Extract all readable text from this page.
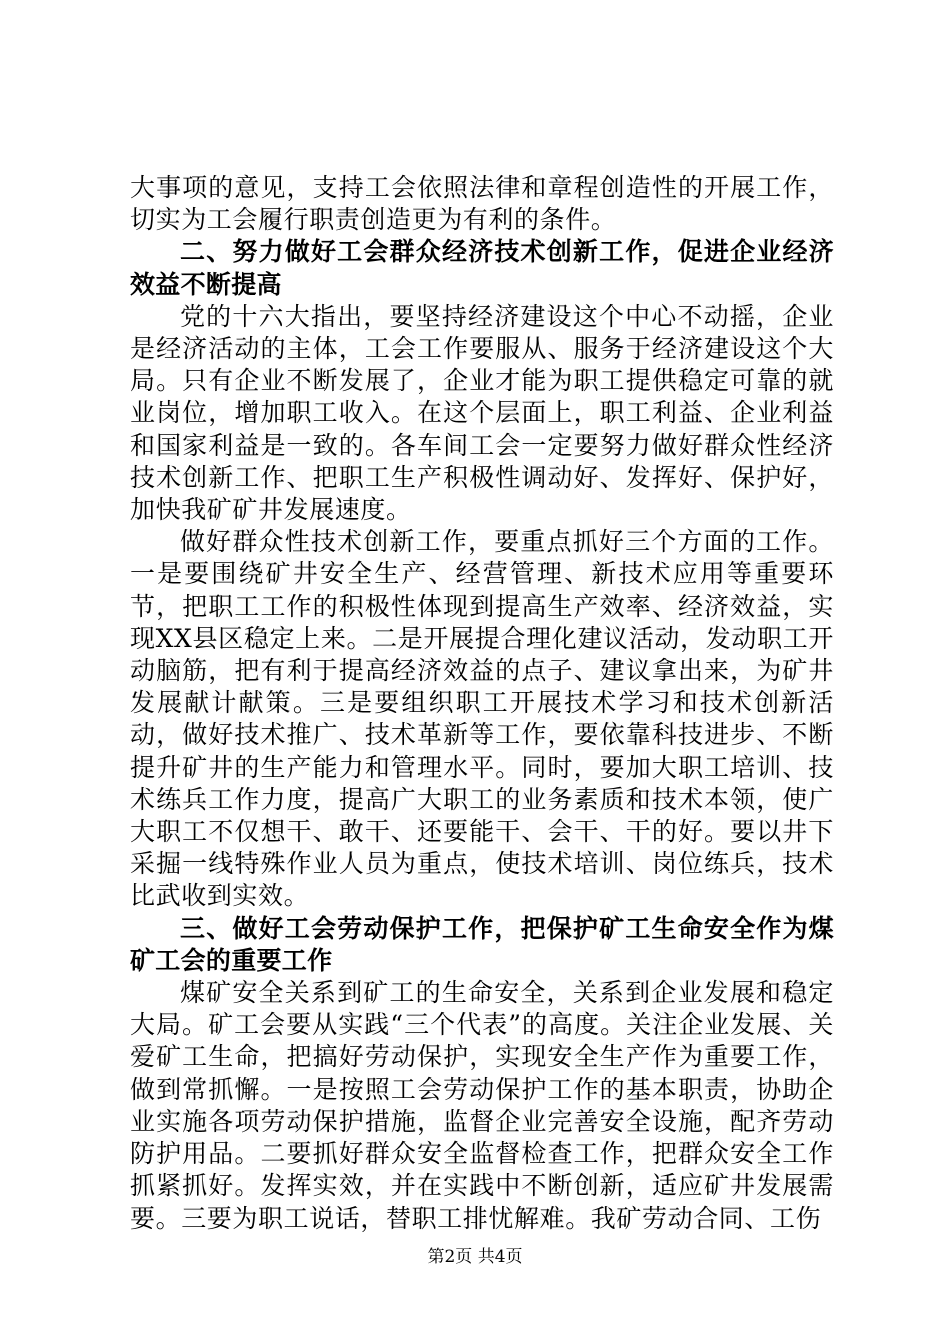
大事项的意见，支持工会依照法律和章程创造性的开展工作，切实为工会履行职责创造更为有利的条件。

二、努力做好工会群众经济技术创新工作，促进企业经济效益不断提高

党的十六大指出，要坚持经济建设这个中心不动摇，企业是经济活动的主体，工会工作要服从、服务于经济建设这个大局。只有企业不断发展了，企业才能为职工提供稳定可靠的就业岗位，增加职工收入。在这个层面上，职工利益、企业利益和国家利益是一致的。各车间工会一定要努力做好群众性经济技术创新工作、把职工生产积极性调动好、发挥好、保护好，加快我矿矿井发展速度。

做好群众性技术创新工作，要重点抓好三个方面的工作。一是要围绕矿井安全生产、经营管理、新技术应用等重要环节，把职工工作的积极性体现到提高生产效率、经济效益，实现XX县区稳定上来。二是开展提合理化建议活动，发动职工开动脑筋，把有利于提高经济效益的点子、建议拿出来，为矿井发展献计献策。三是要组织职工开展技术学习和技术创新活动，做好技术推广、技术革新等工作，要依靠科技进步、不断提升矿井的生产能力和管理水平。同时，要加大职工培训、技术练兵工作力度，提高广大职工的业务素质和技术本领，使广大职工不仅想干、敢干、还要能干、会干、干的好。要以井下采掘一线特殊作业人员为重点，使技术培训、岗位练兵，技术比武收到实效。

三、做好工会劳动保护工作，把保护矿工生命安全作为煤矿工会的重要工作

煤矿安全关系到矿工的生命安全，关系到企业发展和稳定大局。矿工会要从实践“三个代表”的高度。关注企业发展、关爱矿工生命，把搞好劳动保护，实现安全生产作为重要工作，做到常抓懈。一是按照工会劳动保护工作的基本职责，协助企业实施各项劳动保护措施，监督企业完善安全设施，配齐劳动防护用品。二要抓好群众安全监督检查工作，把群众安全工作抓紧抓好。发挥实效，并在实践中不断创新，适应矿井发展需要。三要为职工说话，替职工排忧解难。我矿劳动合同、工伤

第2页 共4页
